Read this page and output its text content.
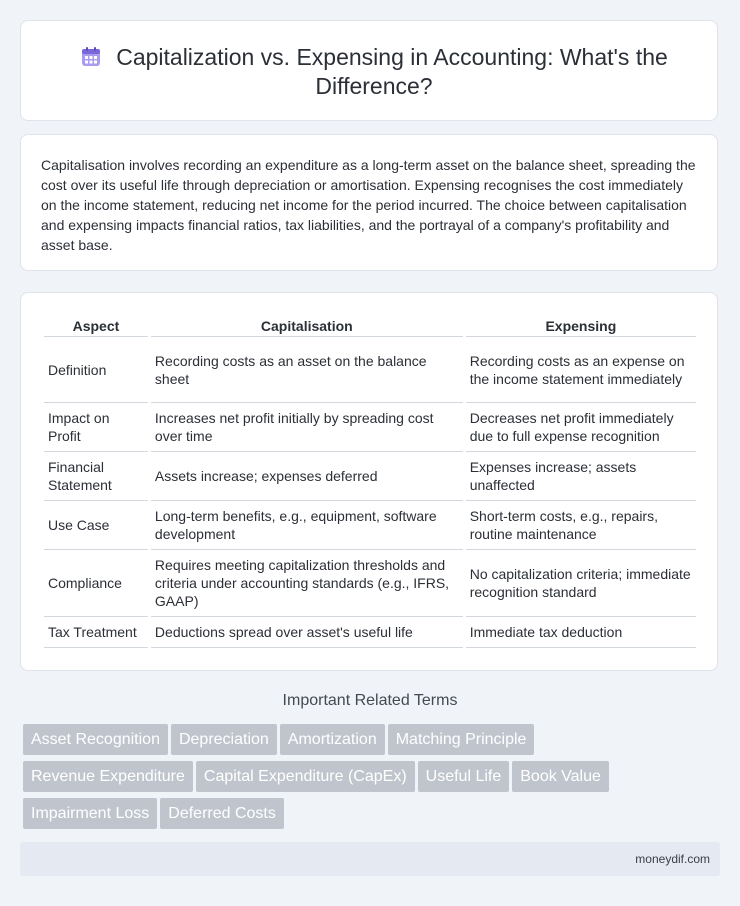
Capitalization vs. Expensing in Accounting: What's the Difference?
Capitalisation involves recording an expenditure as a long-term asset on the balance sheet, spreading the cost over its useful life through depreciation or amortisation. Expensing recognises the cost immediately on the income statement, reducing net income for the period incurred. The choice between capitalisation and expensing impacts financial ratios, tax liabilities, and the portrayal of a company's profitability and asset base.
Aspect	Capitalisation	Expensing
Definition	Recording costs as an asset on the balance sheet	Recording costs as an expense on the income statement immediately
Impact on Profit	Increases net profit initially by spreading cost over time	Decreases net profit immediately due to full expense recognition
Financial Statement	Assets increase; expenses deferred	Expenses increase; assets unaffected
Use Case	Long-term benefits, e.g., equipment, software development	Short-term costs, e.g., repairs, routine maintenance
Compliance	Requires meeting capitalization thresholds and criteria under accounting standards (e.g., IFRS, GAAP)	No capitalization criteria; immediate recognition standard
Tax Treatment	Deductions spread over asset's useful life	Immediate tax deduction
Important Related Terms
Asset Recognition Depreciation Amortization Matching Principle
Revenue Expenditure Capital Expenditure (CapEx) Useful Life Book Value
Impairment Loss Deferred Costs
moneydif.com
